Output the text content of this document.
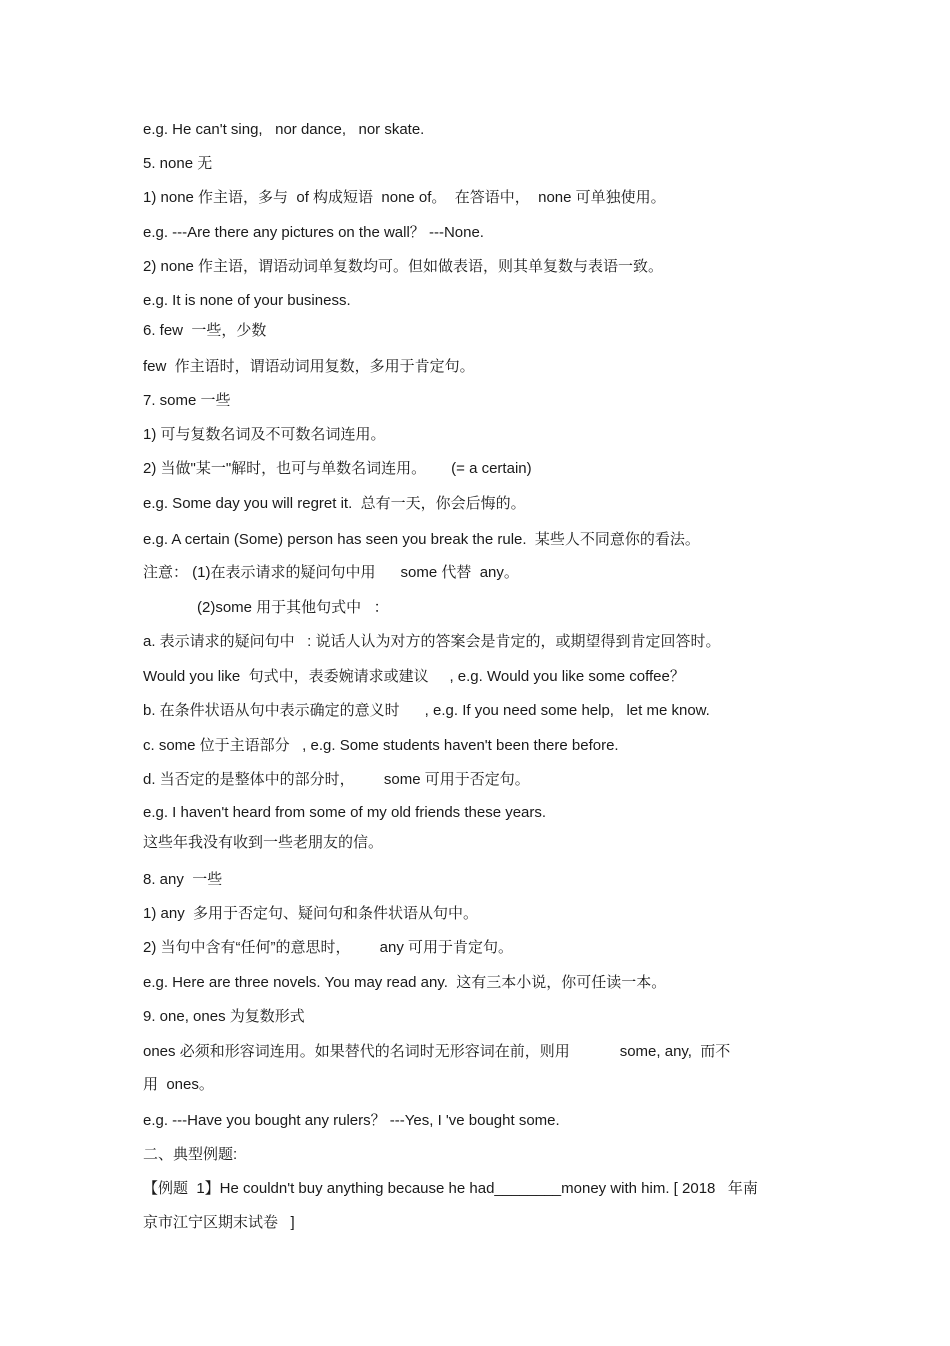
e.g. He can't sing,   nor dance,   nor skate.

5. none 无

1) none 作主语，多与  of 构成短语  none of。  在答语中，  none 可单独使用。

e.g. ---Are there any pictures on the wall？ ---None.

2) none 作主语，谓语动词单复数均可。但如做表语，则其单复数与表语一致。

e.g. It is none of your business.

6. few  一些，少数

few  作主语时，谓语动词用复数，多用于肯定句。

7. some 一些

1) 可与复数名词及不可数名词连用。

2) 当做"某一"解时，也可与单数名词连用。      (= a certain)

e.g. Some day you will regret it.  总有一天，你会后悔的。

e.g. A certain (Some) person has seen you break the rule.  某些人不同意你的看法。

注意： (1)在表示请求的疑问句中用      some 代替  any。

(2)some 用于其他句式中   ：

a. 表示请求的疑问句中   : 说话人认为对方的答案会是肯定的，或期望得到肯定回答时。

Would you like  句式中，表委婉请求或建议     , e.g. Would you like some coffee？

b. 在条件状语从句中表示确定的意义时      , e.g. If you need some help,   let me know.

c. some 位于主语部分   , e.g. Some students haven't been there before.

d. 当否定的是整体中的部分时，       some 可用于否定句。

e.g. I haven't heard from some of my old friends these years.

这些年我没有收到一些老朋友的信。

8. any  一些

1) any  多用于否定句、疑问句和条件状语从句中。

2) 当句中含有“任何”的意思时，       any 可用于肯定句。

e.g. Here are three novels. You may read any.  这有三本小说，你可任读一本。

9. one, ones 为复数形式

ones 必须和形容词连用。如果替代的名词时无形容词在前，则用            some, any,  而不

用  ones。

e.g. ---Have you bought any rulers？ ---Yes, I 've bought some.

二、典型例题:

【例题  1】He couldn't buy anything because he had________money with him. [ 2018   年南

京市江宁区期末试卷   ]
